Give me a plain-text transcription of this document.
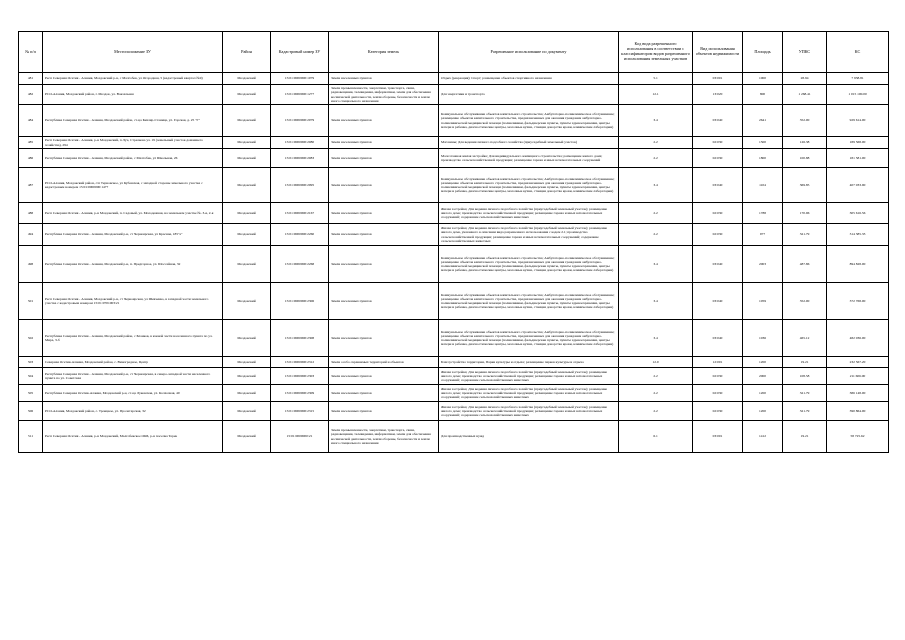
№ п/п	Местоположение ЗУ	Район	Кадастровый номер ЗУ	Категория земель	Разрешенное использование по документу	Код вида разрешенного использования в соответствии с классификатором видов разрешенного использования земельных участков	Вид использования объектов недвижимости	Площадь	УПКС	КС
481	Респ Северная Осетия - Алания, Моздокский р-н, с Малгобек, ул Огородная, 5 (кадастровый квартал №9)	Моздокский	15:01:0000000:1079	Земли населенных пунктов	Отдых (рекреация); Спорт; размещение объектов спортивного назначения	5.1	03:001	1000	28.94	7 938.81
482	РСО-Алания, Моздокский район, г. Моздок, ул. Вокзальная	Моздокский	15:01:0000000:1277	Земли промышленности, энергетики, транспорта, связи, радиовещания, телевидения, информатики, земли для обеспечения космической деятельности, земли обороны, безопасности и земли иного специального назначения	Для энергетики и транспорта	12.1	13:020	800	1 268.41	1 015 100.00
484	Республика Северная Осетия - Алания, Моздокский район, ст-ца Кизляр-Станица, ул. Горская, д. 25 "Г"	Моздокский	15:01:0000000:2079	Земли населенных пунктов	Коммунальное обслуживание объектов капитального строительства; Амбулаторно-поликлиническое обслуживание; размещение объектов капитального строительства, предназначенных для оказания гражданам амбулаторно-поликлинической медицинской помощи (поликлиники, фельдшерские пункты, пункты здравоохранения, центры матери и ребенка, диагностические центры, молочные кухни, станции донорства крови, клинические лаборатории)	3.4	03:040	2641	352.00	929 614.00
485	Респ Северная Осетия - Алания, р-н Моздокский, п Луч, Стрелкова ул. 19 (земельный участок домашнего хозяйства), 294	Моздокский	15:01:0000000:2080	Земли населенных пунктов	Магазины; Для ведения личного подсобного хозяйства (приусадебный земельный участок)	2.2	02:030	1500	126.38	189 568.00
486	Республика Северная Осетия - Алания, Моздокский район, с Малгобек, ул Школьная, 26	Моздокский	15:01:0000000:2083	Земли населенных пунктов	Малоэтажная жилая застройка; Для индивидуального жилищного строительства; размещение жилого дома; производство сельскохозяйственной продукции; размещение гаража и иных вспомогательных сооружений	2.2	02:030	1800	100.88	181 581.00
487	РСО-Алания, Моздокский район, с/п Терновское, ул Кубанская, с западной стороны земельного участка с кадастровым номером 15:01:0000000:1477	Моздокский	15:01:0000000:2095	Земли населенных пунктов	Коммунальное обслуживание объектов капитального строительства; Амбулаторно-поликлиническое обслуживание; размещение объектов капитального строительства, предназначенных для оказания гражданам амбулаторно-поликлинической медицинской помощи (поликлиники, фельдшерские пункты, пункты здравоохранения, центры матери и ребенка, диагностические центры, молочные кухни, станции донорства крови, клинические лаборатории)	3.4	03:040	1104	369.85	407 033.90
488	Респ Северная Осетия - Алания, р-н Моздокский, п. Садовый, ул. Молодежная, на земельном участке №. 3-я, 2-я	Моздокский	15:01:0000000:2167	Земли населенных пунктов	Жилая застройка; Для ведения личного подсобного хозяйства (приусадебный земельный участок); размещение жилого дома; производство сельскохозяйственной продукции; размещение гаража и иных вспомогательных сооружений; содержание сельскохозяйственных животных	2.2	02:030	1788	170.96	305 616.56
494	Республика Северная Осетия - Алания, Моздокский р-н, ст Черноярская, ул Красная, 185"а"	Моздокский	15:01:0000000:2260	Земли населенных пунктов	Жилая застройка; Для ведения личного подсобного хозяйства (приусадебный земельный участок); размещение жилого дома, указанного в описании вида разрешенного использования с кодом 2.1; производство сельскохозяйственной продукции; размещение гаража и иных вспомогательных сооружений; содержание сельскохозяйственных животных	2.2	02:030	977	321.79	314 385.33
498	Республика Северная Осетия - Алания, Моздокский р-н, п. Предгорное, ул. Шоссейная, 32	Моздокский	15:01:0000000:2268	Земли населенных пунктов	Коммунальное обслуживание объектов капитального строительства; Амбулаторно-поликлиническое обслуживание; размещение объектов капитального строительства, предназначенных для оказания гражданам амбулаторно-поликлинической медицинской помощи (поликлиники, фельдшерские пункты, пункты здравоохранения, центры матери и ребенка, диагностические центры, молочные кухни, станции донорства крови, клинические лаборатории)	3.4	03:040	2003	487.86	894 828.00
501	Респ Северная Осетия - Алания, Моздокский р-н, ст Черноярская, ул Шевченко, в западной части земельного участка с кадастровым номером 15:01:0701003:21	Моздокский	15:01:0000000:2306	Земли населенных пунктов	Коммунальное обслуживание объектов капитального строительства; Амбулаторно-поликлиническое обслуживание; размещение объектов капитального строительства, предназначенных для оказания гражданам амбулаторно-поликлинической медицинской помощи (поликлиники, фельдшерские пункты, пункты здравоохранения, центры матери и ребенка, диагностические центры, молочные кухни, станции донорства крови, клинические лаборатории)	3.4	03:040	1059	352.00	372 768.00
502	Республика Северная Осетия - Алания, Моздокский район, с Бланков, в южной части населенного пункта по ул. Мира, 3-б	Моздокский	15:01:0000000:2308	Земли населенных пунктов	Коммунальное обслуживание объектов капитального строительства; Амбулаторно-поликлиническое обслуживание; размещение объектов капитального строительства, предназначенных для оказания гражданам амбулаторно-поликлинической медицинской помощи (поликлиники, фельдшерские пункты, пункты здравоохранения, центры матери и ребенка, диагностические центры, молочные кухни, станции донорства крови, клинические лаборатории)	3.4	03:040	1036	465.12	482 036.00
503	Северная Осетия-Алания, Моздокский район, с. Виноградное, Центр	Моздокский	15:01:0000000:2312	Земли особо охраняемых территорий и объектов	Благоустройство территории, Парки культуры и отдыха; размещение парков культуры и отдыха	12.0	12:001	1200	19.21	232 567.20
504	Республика Северная Осетия - Алания, Моздокский р-н, ст Черноярская, в северо-западной части населенного пункта по ул. Советская	Моздокский	15:01:0000000:2303	Земли населенных пунктов	Жилая застройка; Для ведения личного подсобного хозяйства (приусадебный земельный участок); размещение жилого дома; производство сельскохозяйственной продукции; размещение гаража и иных вспомогательных сооружений; содержание сельскохозяйственных животных	2.2	02:030	2000	108.58	211 606.00
505	Республика Северная Осетия-Алания, Моздокский р-н, ст-ца Луковская, ул. Колхозная, 40	Моздокский	15:01:0000000:2309	Земли населенных пунктов	Жилая застройка; Для ведения личного подсобного хозяйства (приусадебный земельный участок); размещение жилого дома; производство сельскохозяйственной продукции; размещение гаража и иных вспомогательных сооружений; содержание сельскохозяйственных животных	2.2	02:030	1200	321.79	386 148.00
506	РСО-Алания, Моздокский район, с. Троицкое, ул. Пролетарская, 32	Моздокский	15:01:0000000:2315	Земли населенных пунктов	Жилая застройка; Для ведения личного подсобного хозяйства (приусадебный земельный участок); размещение жилого дома; производство сельскохозяйственной продукции; размещение гаража и иных вспомогательных сооружений; содержание сельскохозяйственных животных	2.2	02:030	1200	321.79	390 864.00
511	Респ Северная Осетия - Алания, р-н Моздокский, Малгобекское ОКБ, р-н поселка Терек	Моздокский	15:01:0000000:21	Земли промышленности, энергетики, транспорта, связи, радиовещания, телевидения, информатики, земли для обеспечения космической деятельности, земли обороны, безопасности и земли иного специального назначения	Для производственных нужд	6.1	03:001	1412	19.21	58 725.62
